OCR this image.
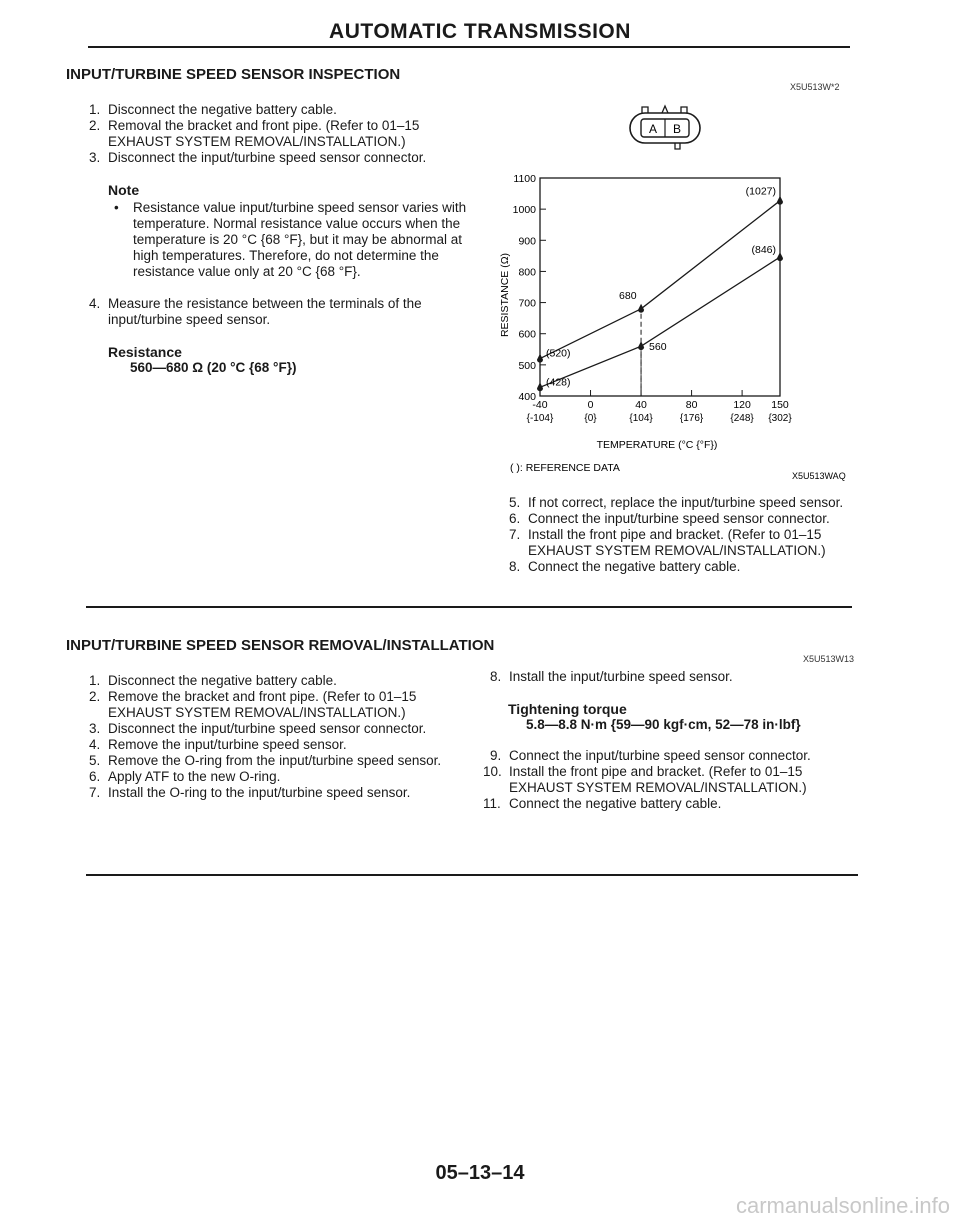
AUTOMATIC TRANSMISSION
INPUT/TURBINE SPEED SENSOR INSPECTION
X5U513W*2
1. Disconnect the negative battery cable.
2. Removal the bracket and front pipe. (Refer to 01–15 EXHAUST SYSTEM REMOVAL/INSTALLATION.)
3. Disconnect the input/turbine speed sensor connector.
Note
• Resistance value input/turbine speed sensor varies with temperature. Normal resistance value occurs when the temperature is 20 °C {68 °F}, but it may be abnormal at high temperatures. Therefore, do not determine the resistance value only at 20 °C {68 °F}.
4. Measure the resistance between the terminals of the input/turbine speed sensor.
Resistance
560—680 Ω (20 °C {68 °F})
A B
400
500
600
700
800
900
1000
1100
-40
{-104}
0
{0}
40
{104}
80
{176}
120
{248}
150
{302}
(1027)
(846)
680
560
(520)
(428)
TEMPERATURE (°C {°F})
RESISTANCE (Ω)
( ): REFERENCE DATA
X5U513WAQ
5. If not correct, replace the input/turbine speed sensor.
6. Connect the input/turbine speed sensor connector.
7. Install the front pipe and bracket. (Refer to 01–15 EXHAUST SYSTEM REMOVAL/INSTALLATION.)
8. Connect the negative battery cable.
INPUT/TURBINE SPEED SENSOR REMOVAL/INSTALLATION
X5U513W13
1. Disconnect the negative battery cable.
2. Remove the bracket and front pipe. (Refer to 01–15 EXHAUST SYSTEM REMOVAL/INSTALLATION.)
3. Disconnect the input/turbine speed sensor connector.
4. Remove the input/turbine speed sensor.
5. Remove the O-ring from the input/turbine speed sensor.
6. Apply ATF to the new O-ring.
7. Install the O-ring to the input/turbine speed sensor.
8. Install the input/turbine speed sensor.
Tightening torque
5.8—8.8 N·m {59—90 kgf·cm, 52—78 in·lbf}
9. Connect the input/turbine speed sensor connector.
10. Install the front pipe and bracket. (Refer to 01–15 EXHAUST SYSTEM REMOVAL/INSTALLATION.)
11. Connect the negative battery cable.
05–13–14
carmanualsonline.info
